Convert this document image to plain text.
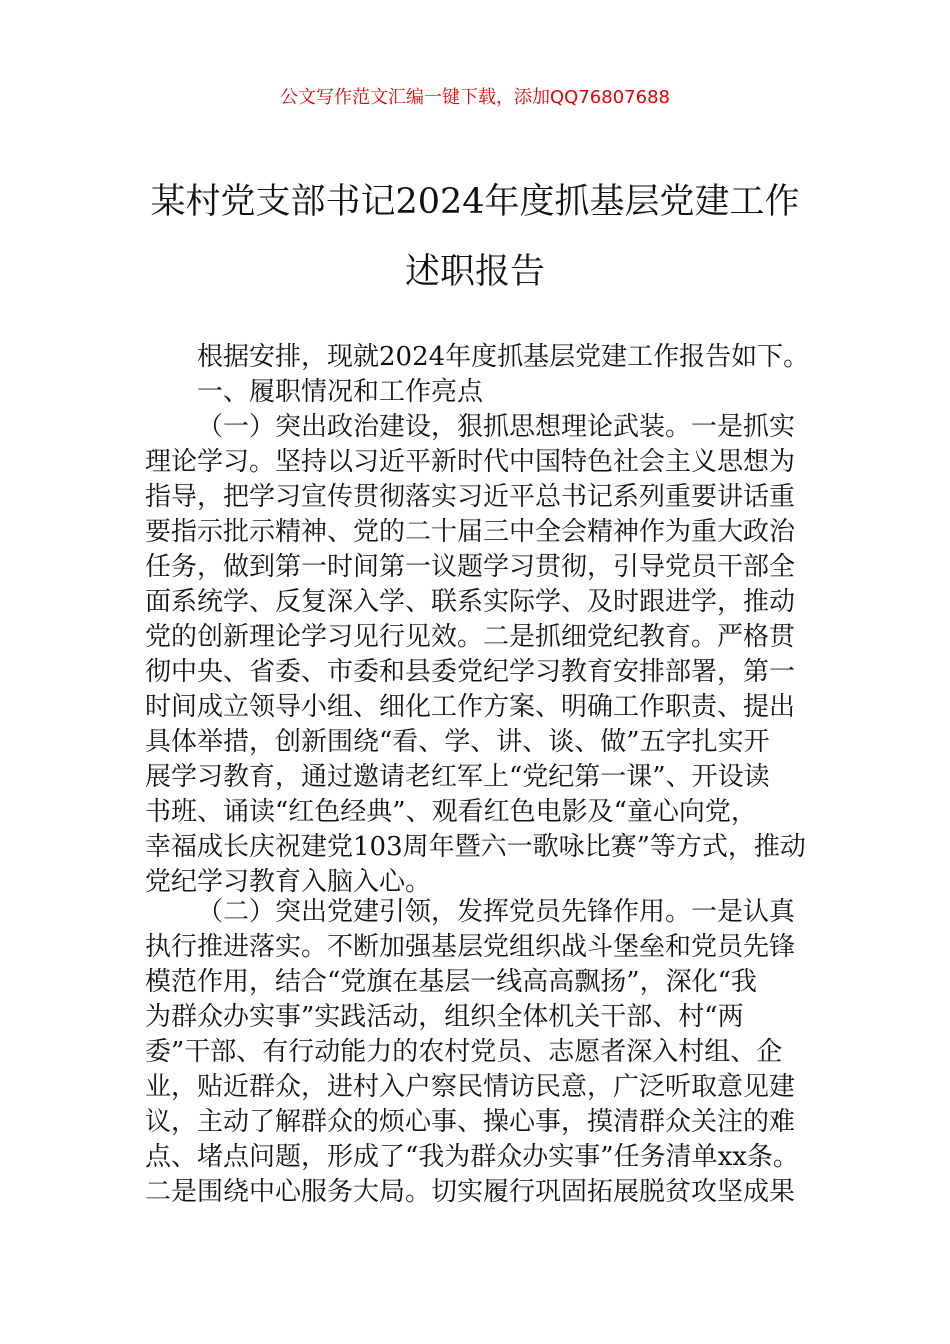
公文写作范文汇编一键下载，添加QQ76807688
某村党支部书记2024年度抓基层党建工作
述职报告
根据安排，现就2024年度抓基层党建工作报告如下。
一、履职情况和工作亮点
（一）突出政治建设，狠抓思想理论武装。一是抓实
理论学习。坚持以习近平新时代中国特色社会主义思想为
指导，把学习宣传贯彻落实习近平总书记系列重要讲话重
要指示批示精神、党的二十届三中全会精神作为重大政治
任务，做到第一时间第一议题学习贯彻，引导党员干部全
面系统学、反复深入学、联系实际学、及时跟进学，推动
党的创新理论学习见行见效。二是抓细党纪教育。严格贯
彻中央、省委、市委和县委党纪学习教育安排部署，第一
时间成立领导小组、细化工作方案、明确工作职责、提出
具体举措，创新围绕“看、学、讲、谈、做”五字扎实开
展学习教育，通过邀请老红军上“党纪第一课”、开设读
书班、诵读“红色经典”、观看红色电影及“童心向党，
幸福成长庆祝建党103周年暨六一歌咏比赛”等方式，推动
党纪学习教育入脑入心。
（二）突出党建引领，发挥党员先锋作用。一是认真
执行推进落实。不断加强基层党组织战斗堡垒和党员先锋
模范作用，结合“党旗在基层一线高高飘扬”，深化“我
为群众办实事”实践活动，组织全体机关干部、村“两
委”干部、有行动能力的农村党员、志愿者深入村组、企
业，贴近群众，进村入户察民情访民意，广泛听取意见建
议，主动了解群众的烦心事、操心事，摸清群众关注的难
点、堵点问题，形成了“我为群众办实事”任务清单xx条。
二是围绕中心服务大局。切实履行巩固拓展脱贫攻坚成果
